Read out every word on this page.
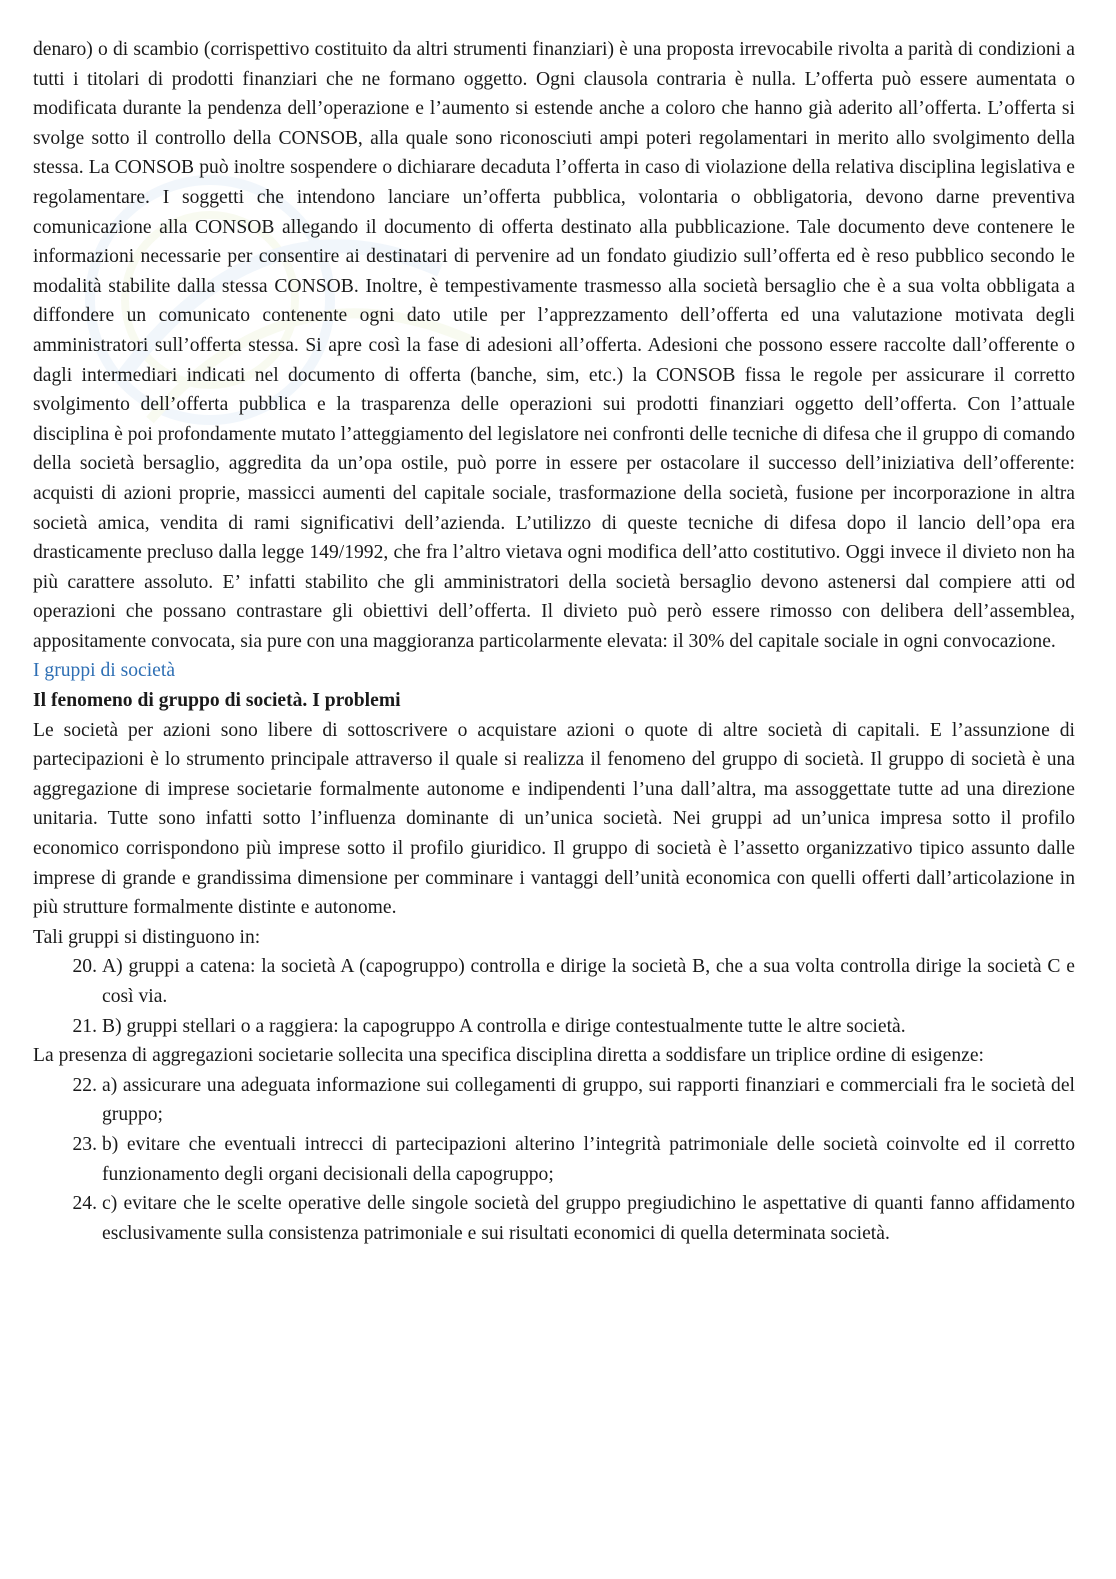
denaro) o di scambio (corrispettivo costituito da altri strumenti finanziari) è una proposta irrevocabile rivolta a parità di condizioni a tutti i titolari di prodotti finanziari che ne formano oggetto. Ogni clausola contraria è nulla. L’offerta può essere aumentata o modificata durante la pendenza dell’operazione e l’aumento si estende anche a coloro che hanno già aderito all’offerta. L’offerta si svolge sotto il controllo della CONSOB, alla quale sono riconosciuti ampi poteri regolamentari in merito allo svolgimento della stessa. La CONSOB può inoltre sospendere o dichiarare decaduta l’offerta in caso di violazione della relativa disciplina legislativa e regolamentare. I soggetti che intendono lanciare un’offerta pubblica, volontaria o obbligatoria, devono darne preventiva comunicazione alla CONSOB allegando il documento di offerta destinato alla pubblicazione. Tale documento deve contenere le informazioni necessarie per consentire ai destinatari di pervenire ad un fondato giudizio sull’offerta ed è reso pubblico secondo le modalità stabilite dalla stessa CONSOB. Inoltre, è tempestivamente trasmesso alla società bersaglio che è a sua volta obbligata a diffondere un comunicato contenente ogni dato utile per l’apprezzamento dell’offerta ed una valutazione motivata degli amministratori sull’offerta stessa. Si apre così la fase di adesioni all’offerta. Adesioni che possono essere raccolte dall’offerente o dagli intermediari indicati nel documento di offerta (banche, sim, etc.) la CONSOB fissa le regole per assicurare il corretto svolgimento dell’offerta pubblica e la trasparenza delle operazioni sui prodotti finanziari oggetto dell’offerta. Con l’attuale disciplina è poi profondamente mutato l’atteggiamento del legislatore nei confronti delle tecniche di difesa che il gruppo di comando della società bersaglio, aggredita da un’opa ostile, può porre in essere per ostacolare il successo dell’iniziativa dell’offerente: acquisti di azioni proprie, massicci aumenti del capitale sociale, trasformazione della società, fusione per incorporazione in altra società amica, vendita di rami significativi dell’azienda. L’utilizzo di queste tecniche di difesa dopo il lancio dell’opa era drasticamente precluso dalla legge 149/1992, che fra l’altro vietava ogni modifica dell’atto costitutivo. Oggi invece il divieto non ha più carattere assoluto. E’ infatti stabilito che gli amministratori della società bersaglio devono astenersi dal compiere atti od operazioni che possano contrastare gli obiettivi dell’offerta. Il divieto può però essere rimosso con delibera dell’assemblea, appositamente convocata, sia pure con una maggioranza particolarmente elevata: il 30% del capitale sociale in ogni convocazione.

I gruppi di società
Il fenomeno di gruppo di società. I problemi

Le società per azioni sono libere di sottoscrivere o acquistare azioni o quote di altre società di capitali. E l’assunzione di partecipazioni è lo strumento principale attraverso il quale si realizza il fenomeno del gruppo di società. Il gruppo di società è una aggregazione di imprese societarie formalmente autonome e indipendenti l’una dall’altra, ma assoggettate tutte ad una direzione unitaria. Tutte sono infatti sotto l’influenza dominante di un’unica società. Nei gruppi ad un’unica impresa sotto il profilo economico corrispondono più imprese sotto il profilo giuridico. Il gruppo di società è l’assetto organizzativo tipico assunto dalle imprese di grande e grandissima dimensione per comminare i vantaggi dell’unità economica con quelli offerti dall’articolazione in più strutture formalmente distinte e autonome.

Tali gruppi si distinguono in:

20. A) gruppi a catena: la società A (capogruppo) controlla e dirige la società B, che a sua volta controlla dirige la società C e così via.
21. B) gruppi stellari o a raggiera: la capogruppo A controlla e dirige contestualmente tutte le altre società.

La presenza di aggregazioni societarie sollecita una specifica disciplina diretta a soddisfare un triplice ordine di esigenze:

22. a) assicurare una adeguata informazione sui collegamenti di gruppo, sui rapporti finanziari e commerciali fra le società del gruppo;
23. b) evitare che eventuali intrecci di partecipazioni alterino l’integrità patrimoniale delle società coinvolte ed il corretto funzionamento degli organi decisionali della capogruppo;
24. c) evitare che le scelte operative delle singole società del gruppo pregiudichino le aspettative di quanti fanno affidamento esclusivamente sulla consistenza patrimoniale e sui risultati economici di quella determinata società.
